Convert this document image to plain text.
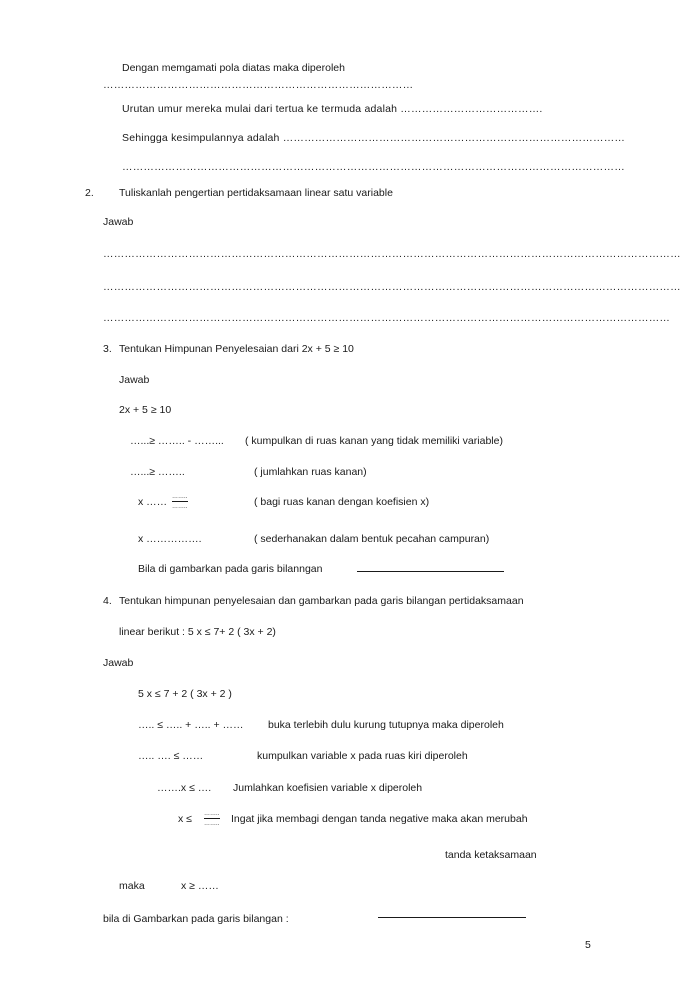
Dengan memgamati pola diatas maka diperoleh
……………………………………………………………………………
Urutan umur mereka mulai dari tertua ke termuda adalah ………………………………….
Sehingga kesimpulannya adalah ……………………………………………………………………………………
……………………………………………………………………………………………………………………………
2. Tuliskanlah pengertian pertidaksamaan linear satu variable
Jawab
………………………………………………………………………………………………………………………………………………
………………………………………………………………………………………………………………………………………………
……………………………………………………………………………………………………………………………………………
3. Tentukan Himpunan Penyelesaian dari 2x + 5 ≥ 10
Jawab
2x + 5 ≥ 10
…...≥ …….. - ……... ( kumpulkan di ruas kanan yang tidak memiliki variable)
…...≥ ……..	( jumlahkan ruas kanan)
x …… ……..
……..	( bagi ruas kanan dengan koefisien x)
x …………….	( sederhanakan dalam bentuk pecahan campuran)
Bila di gambarkan pada garis bilanngan
4. Tentukan himpunan penyelesaian dan gambarkan pada garis bilangan pertidaksamaan
linear berikut : 5 x ≤ 7+ 2 ( 3x + 2)
Jawab
5 x ≤ 7 + 2 ( 3x + 2 )
….. ≤ ….. + ….. + …… buka terlebih dulu kurung tutupnya maka diperoleh
….. …. ≤ ……	kumpulkan variable x pada ruas kiri diperoleh
…….x ≤ …. Jumlahkan koefisien variable x diperoleh
x ≤ ……..
…….. Ingat jika membagi dengan tanda negative maka akan merubah
tanda ketaksamaan
maka	x ≥ ……
bila di Gambarkan pada garis bilangan :
5
